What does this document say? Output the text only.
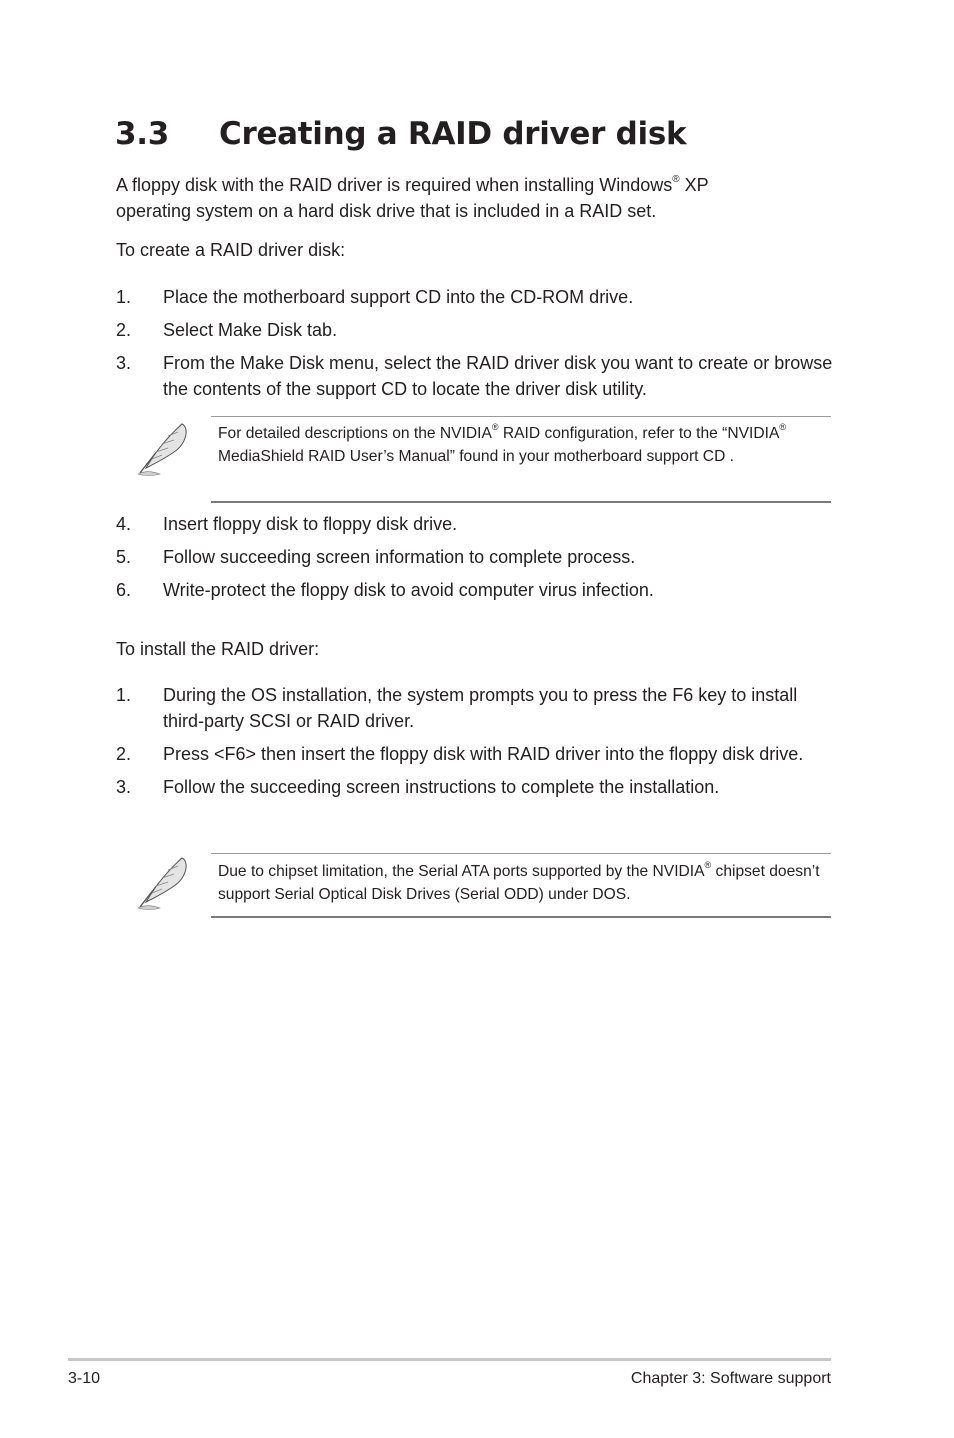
3.3 Creating a RAID driver disk

A floppy disk with the RAID driver is required when installing Windows® XP
operating system on a hard disk drive that is included in a RAID set.

To create a RAID driver disk:

1. Place the motherboard support CD into the CD-ROM drive.
2. Select Make Disk tab.
3. From the Make Disk menu, select the RAID driver disk you want to create or browse the contents of the support CD to locate the driver disk utility.

For detailed descriptions on the NVIDIA® RAID configuration, refer to the “NVIDIA® MediaShield RAID User’s Manual” found in your motherboard support CD .

4. Insert floppy disk to floppy disk drive.
5. Follow succeeding screen information to complete process.
6. Write-protect the floppy disk to avoid computer virus infection.

To install the RAID driver:

1. During the OS installation, the system prompts you to press the F6 key to install third-party SCSI or RAID driver.
2. Press <F6> then insert the floppy disk with RAID driver into the floppy disk drive.
3. Follow the succeeding screen instructions to complete the installation.

Due to chipset limitation, the Serial ATA ports supported by the NVIDIA® chipset doesn’t support Serial Optical Disk Drives (Serial ODD) under DOS.

3-10	Chapter 3: Software support
